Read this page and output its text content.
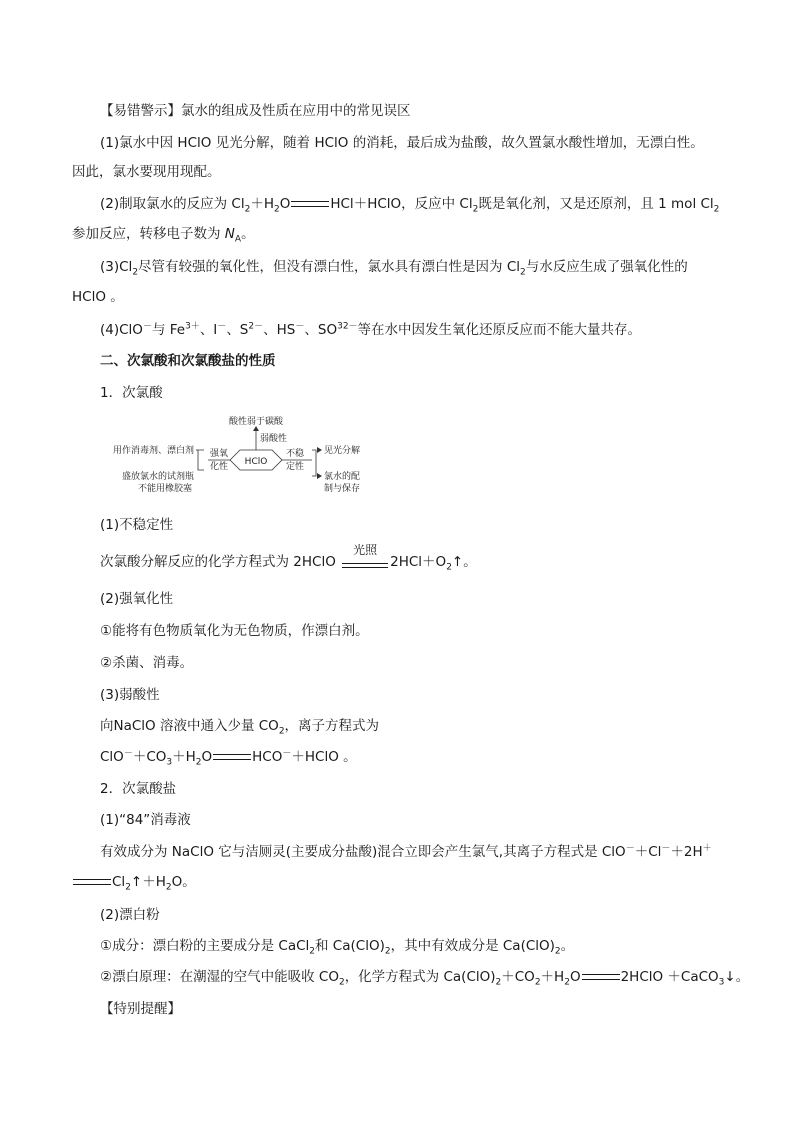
【易错警示】氯水的组成及性质在应用中的常见误区
(1)氯水中因 HClO 见光分解，随着 HClO 的消耗，最后成为盐酸，故久置氯水酸性增加，无漂白性。
因此，氯水要现用现配。
(2)制取氯水的反应为 $Cl_2+H_2O$	HCl＋HClO，反应中 $Cl_2$既是氧化剂，又是还原剂，且 1 mol $Cl_2$
参加反应，转移电子数为 $N_A$。
$(3)Cl_2$尽管有较强的氧化性，但没有漂白性，氯水具有漂白性是因为 $Cl_2$与水反应生成了强氧化性的
HClO 。
(4)ClO－与 $Fe^{3+}$、I－、$S^{2-}$、HS－、$SO^{32-}$等在水中因发生氧化还原反应而不能大量共存。
二、次氯酸和次氯酸盐的性质
1．次氯酸
HClO
酸性弱于碳酸
弱酸性
强氧
化性
用作消毒剂、漂白剂
盛放氯水的试剂瓶
不能用橡胶塞
不稳
定性
见光分解
氯水的配
制与保存
(1)不稳定性
次氯酸分解反应的化学方程式为 2HClO
光照
$2HCl+O_2↑$。
(2)强氧化性
①能将有色物质氧化为无色物质，作漂白剂。
②杀菌、消毒。
(3)弱酸性
向NaClO 溶液中通入少量 $CO_2$，离子方程式为
$ClO^-+CO_3+H_2O$	HCO－＋HClO 。
2．次氯酸盐
(1)“84”消毒液
有效成分为 NaClO 它与洁厕灵(主要成分盐酸)混合立即会产生氯气,其离子方程式是 ClO－＋Cl－＋2H＋
$Cl_2↑+H_2O$。
(2)漂白粉
①成分：漂白粉的主要成分是 CaCl$_2$和 $Ca(ClO)_2$，其中有效成分是 $Ca(ClO)_2$。
②漂白原理：在潮湿的空气中能吸收 $CO_2$，化学方程式为 $Ca(ClO)_2+CO_2+H_2O$	2HClO ＋CaCO$_3$↓。
【特别提醒】
